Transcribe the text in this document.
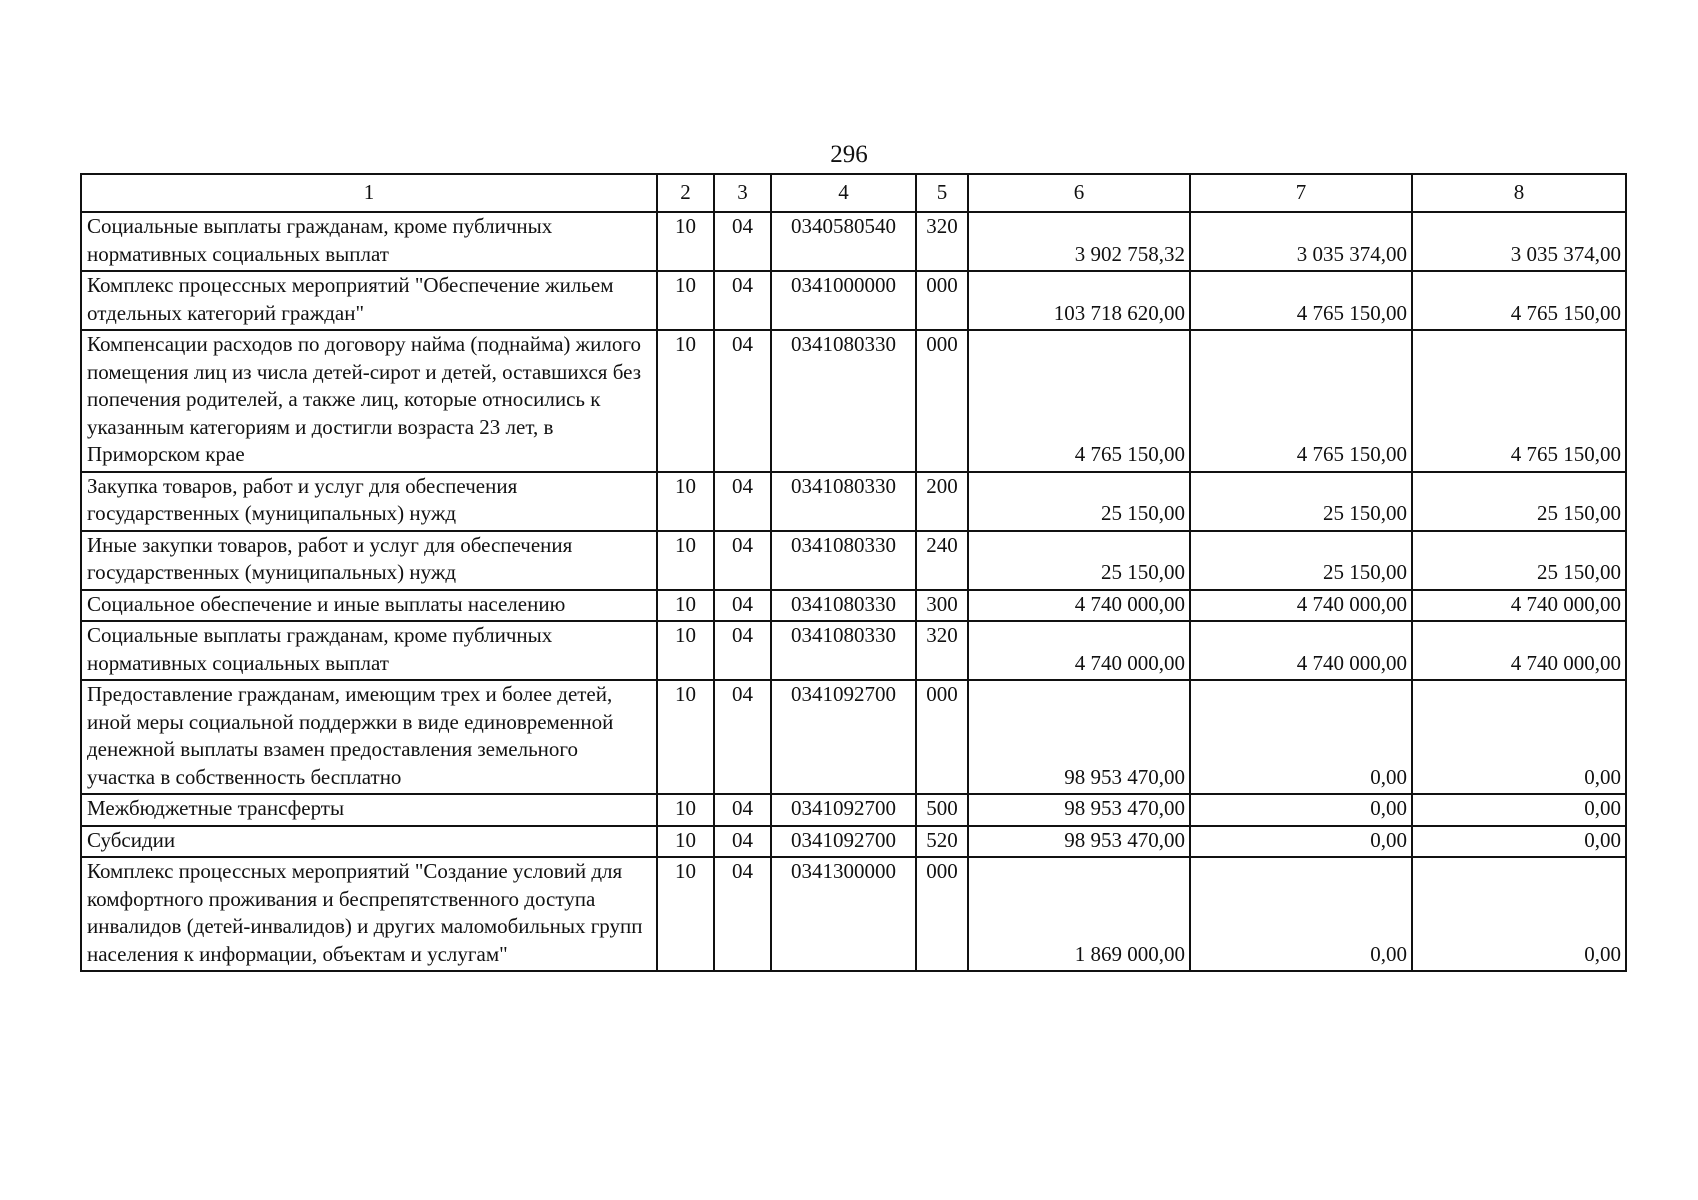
296
1	2	3	4	5	6	7	8
Социальные выплаты гражданам, кроме публичных нормативных социальных выплат	10	04	0340580540	320	3 902 758,32	3 035 374,00	3 035 374,00
Комплекс процессных мероприятий "Обеспечение жильем отдельных категорий граждан"	10	04	0341000000	000	103 718 620,00	4 765 150,00	4 765 150,00
Компенсации расходов по договору найма (поднайма) жилого помещения лиц из числа детей-сирот и детей, оставшихся без попечения родителей, а также лиц, которые относились к указанным категориям и достигли возраста 23 лет, в Приморском крае	10	04	0341080330	000	4 765 150,00	4 765 150,00	4 765 150,00
Закупка товаров, работ и услуг для обеспечения государственных (муниципальных) нужд	10	04	0341080330	200	25 150,00	25 150,00	25 150,00
Иные закупки товаров, работ и услуг для обеспечения государственных (муниципальных) нужд	10	04	0341080330	240	25 150,00	25 150,00	25 150,00
Социальное обеспечение и иные выплаты населению	10	04	0341080330	300	4 740 000,00	4 740 000,00	4 740 000,00
Социальные выплаты гражданам, кроме публичных нормативных социальных выплат	10	04	0341080330	320	4 740 000,00	4 740 000,00	4 740 000,00
Предоставление гражданам, имеющим трех и более детей, иной меры социальной поддержки в виде единовременной денежной выплаты взамен предоставления земельного участка в собственность бесплатно	10	04	0341092700	000	98 953 470,00	0,00	0,00
Межбюджетные трансферты	10	04	0341092700	500	98 953 470,00	0,00	0,00
Субсидии	10	04	0341092700	520	98 953 470,00	0,00	0,00
Комплекс процессных мероприятий "Создание условий для комфортного проживания и беспрепятственного доступа инвалидов (детей-инвалидов) и других маломобильных групп населения к информации, объектам и услугам"	10	04	0341300000	000	1 869 000,00	0,00	0,00
